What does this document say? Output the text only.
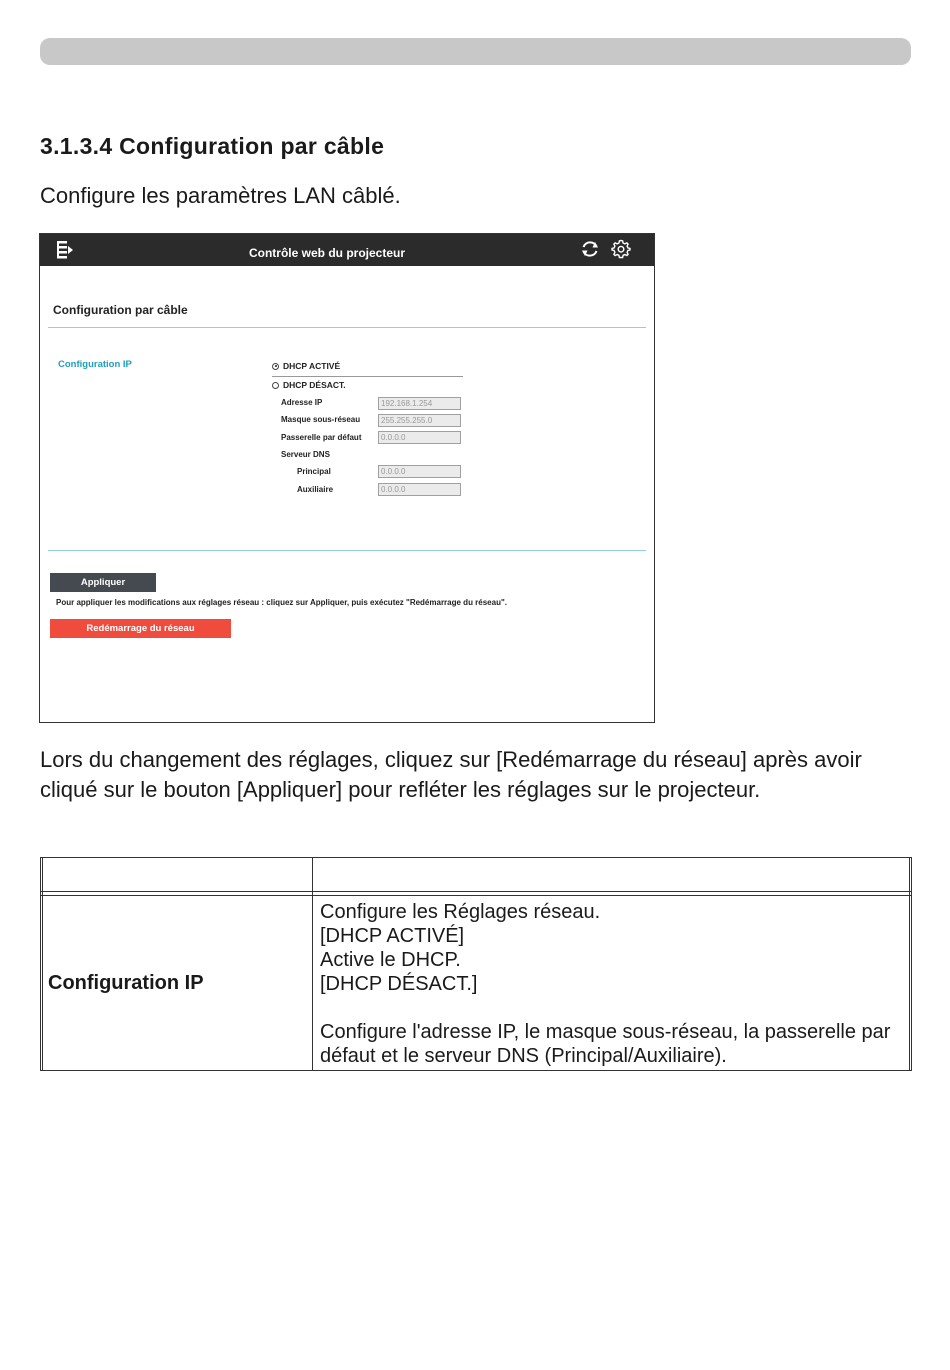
3.1.3.4 Configuration par câble
Configure les paramètres LAN câblé.
Contrôle web du projecteur
Configuration par câble
Configuration IP	DHCP ACTIVÉ
DHCP DÉSACT.
Adresse IP
192.168.1.254
Masque sous-réseau
255.255.255.0
Passerelle par défaut
0.0.0.0
Serveur DNS
Principal
0.0.0.0
Auxiliaire
0.0.0.0
Appliquer
Pour appliquer les modifications aux réglages réseau : cliquez sur Appliquer, puis exécutez "Redémarrage du réseau".
Redémarrage du réseau
Lors du changement des réglages, cliquez sur [Redémarrage du réseau] après avoir cliqué sur le bouton [Appliquer] pour refléter les réglages sur le projecteur.
Configuration IP
Configure les Réglages réseau.
[DHCP ACTIVÉ]
Active le DHCP.
[DHCP DÉSACT.]
Configure l'adresse IP, le masque sous-réseau, la passerelle par défaut et le serveur DNS (Principal/Auxiliaire).
